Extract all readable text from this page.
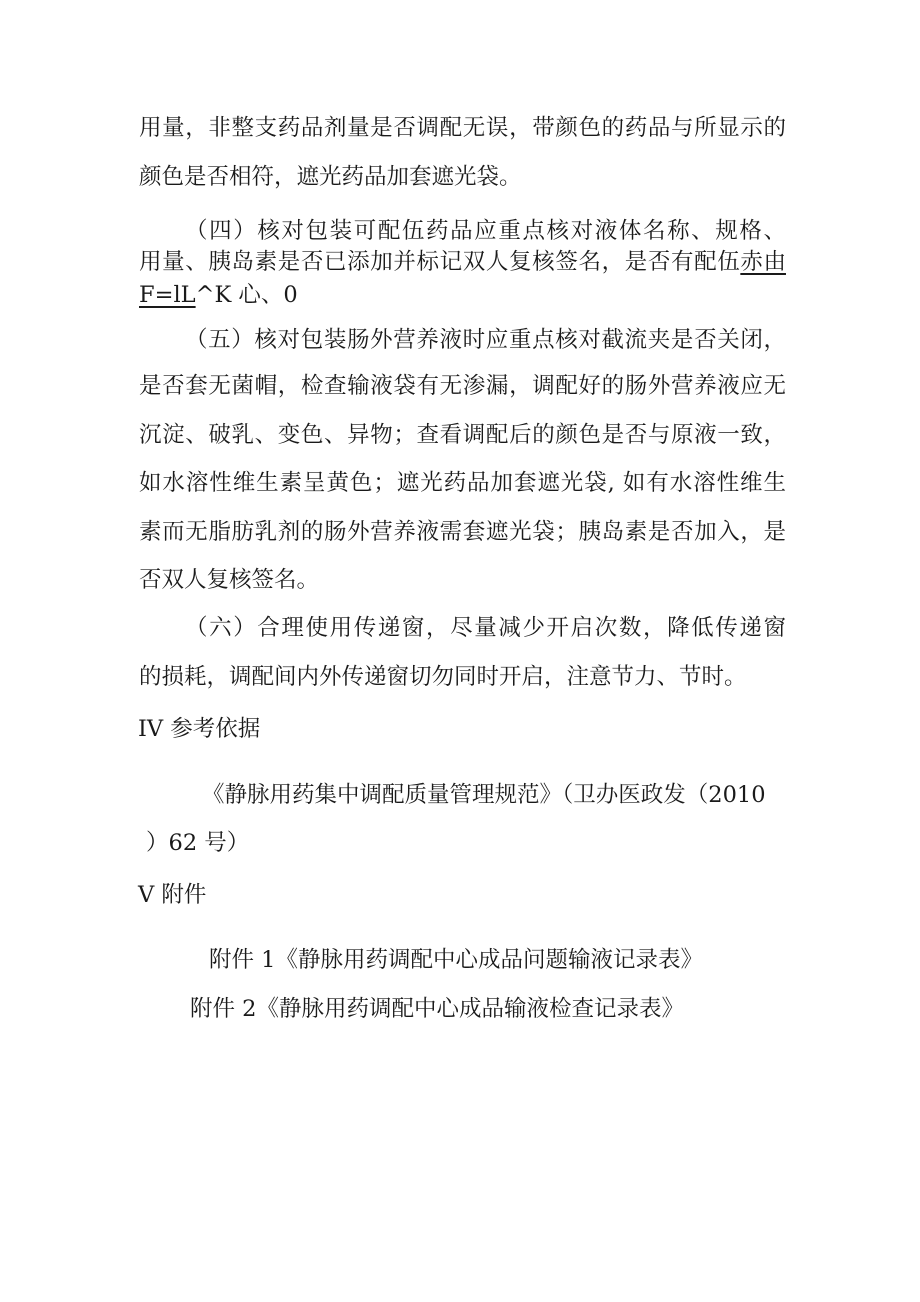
用量，非整支药品剂量是否调配无误，带颜色的药品与所显示的

颜色是否相符，遮光药品加套遮光袋。

（四）核对包装可配伍药品应重点核对液体名称、规格、

用量、胰岛素是否已添加并标记双人复核签名，是否有配伍赤由

F=lL^K 心、0

（五）核对包装肠外营养液时应重点核对截流夹是否关闭，

是否套无菌帽，检查输液袋有无渗漏，调配好的肠外营养液应无

沉淀、破乳、变色、异物；查看调配后的颜色是否与原液一致，

如水溶性维生素呈黄色；遮光药品加套遮光袋, 如有水溶性维生

素而无脂肪乳剂的肠外营养液需套遮光袋；胰岛素是否加入，是

否双人复核签名。

（六）合理使用传递窗，尽量减少开启次数，降低传递窗

的损耗，调配间内外传递窗切勿同时开启，注意节力、节时。

IV 参考依据

《静脉用药集中调配质量管理规范》（卫办医政发（2010

）62 号）

V 附件

附件 1《静脉用药调配中心成品问题输液记录表》

附件 2《静脉用药调配中心成品输液检查记录表》
